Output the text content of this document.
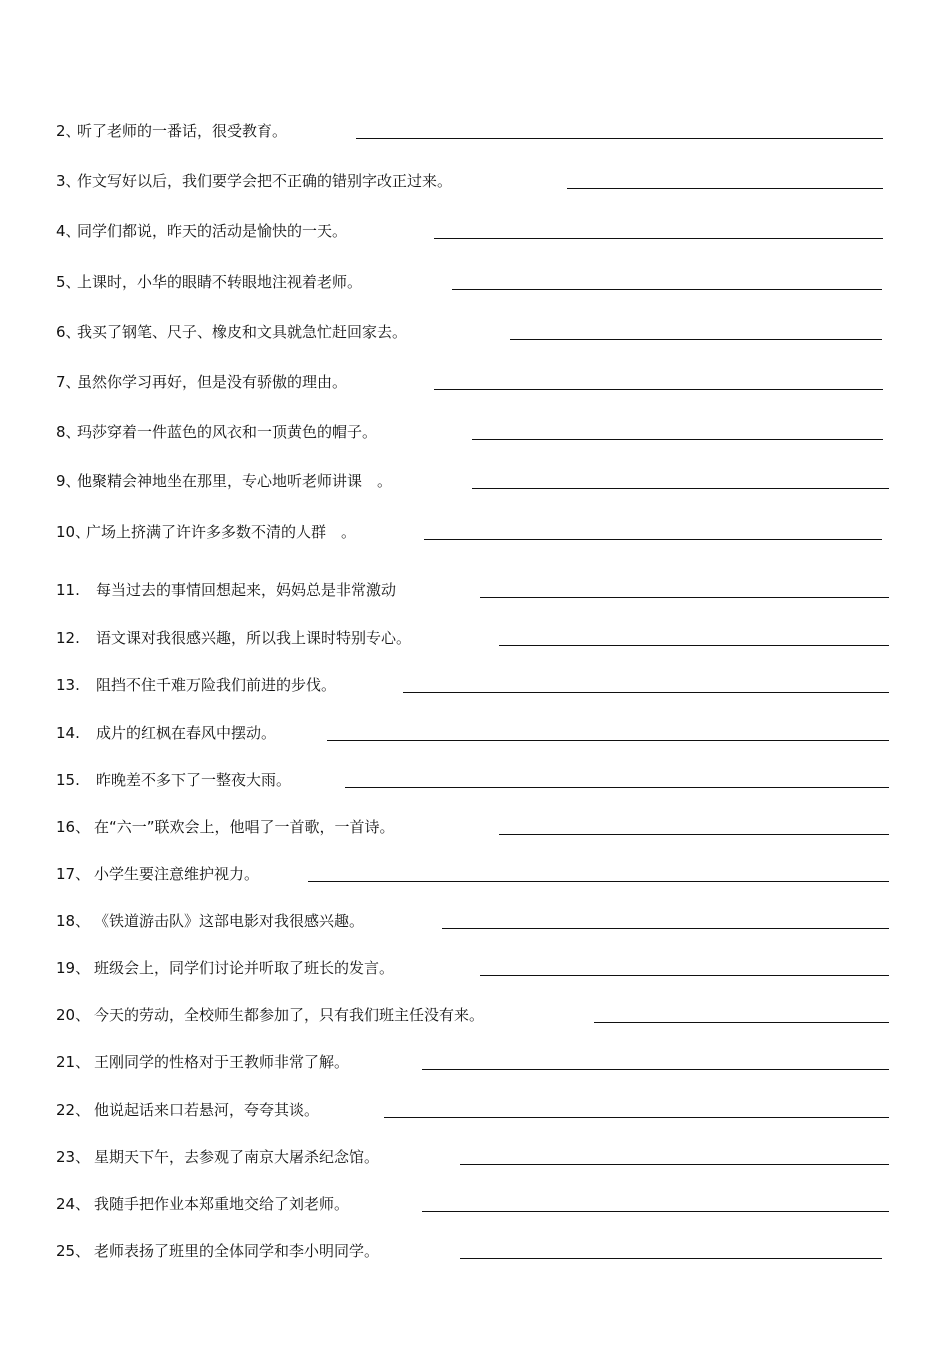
2、
听了老师的一番话，很受教育。
3、
作文写好以后，我们要学会把不正确的错别字改正过来。
4、
同学们都说，昨天的活动是愉快的一天。
5、
上课时，小华的眼睛不转眼地注视着老师。
6、
我买了钢笔、尺子、橡皮和文具就急忙赶回家去。
7、
虽然你学习再好，但是没有骄傲的理由。
8、
玛莎穿着一件蓝色的风衣和一顶黄色的帽子。
9、
他聚精会神地坐在那里，专心地听老师讲课　。
10、
广场上挤满了许许多多数不清的人群　。
11. 每当过去的事情回想起来，妈妈总是非常激动
12. 语文课对我很感兴趣，所以我上课时特别专心。
13. 阻挡不住千难万险我们前进的步伐。
14. 成片的红枫在春风中摆动。
15. 昨晚差不多下了一整夜大雨。
16、 在“六一”联欢会上，他唱了一首歌，一首诗。
17、 小学生要注意维护视力。
18、 《铁道游击队》这部电影对我很感兴趣。
19、 班级会上，同学们讨论并听取了班长的发言。
20、 今天的劳动，全校师生都参加了，只有我们班主任没有来。
21、 王刚同学的性格对于王教师非常了解。
22、 他说起话来口若悬河，夸夸其谈。
23、 星期天下午，去参观了南京大屠杀纪念馆。
24、 我随手把作业本郑重地交给了刘老师。
25、 老师表扬了班里的全体同学和李小明同学。
